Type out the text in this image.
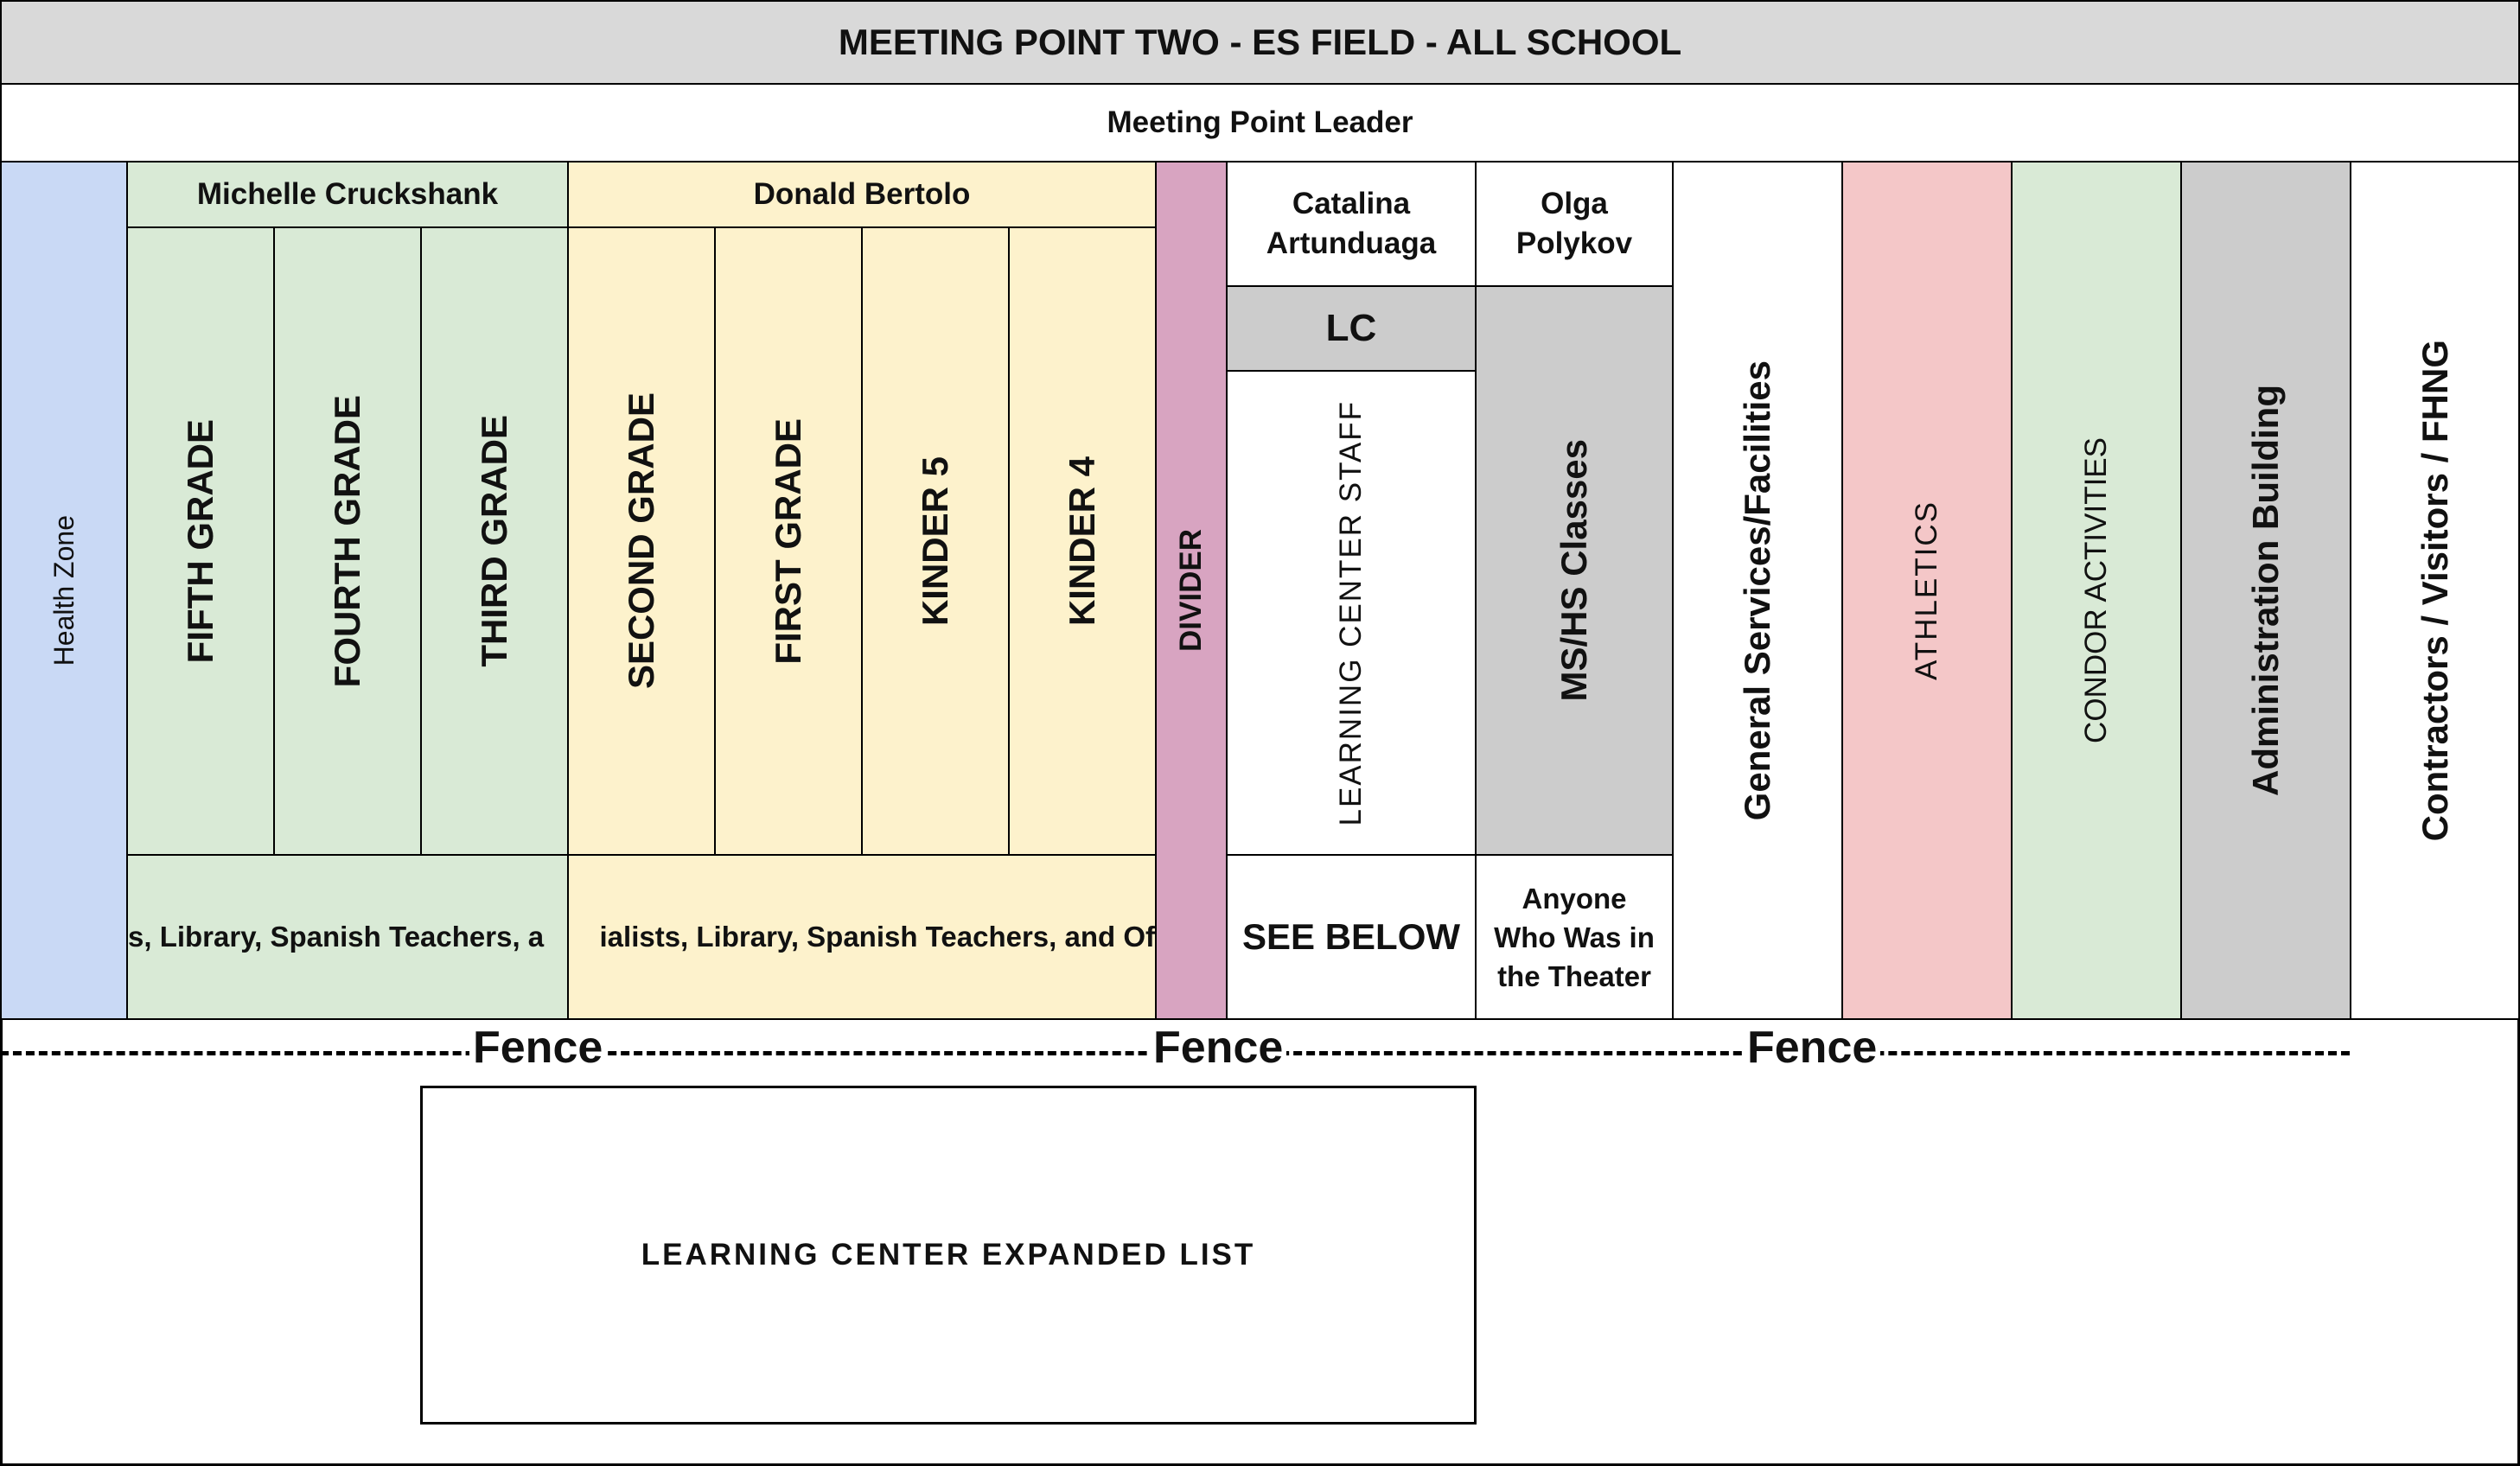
MEETING POINT TWO - ES FIELD - ALL SCHOOL
Meeting Point Leader
Health Zone
Michelle Cruckshank
FIFTH GRADE	FOURTH GRADE	THIRD GRADE
s, Library, Spanish Teachers, a
Donald Bertolo
SECOND GRADE	FIRST GRADE	KINDER 5	KINDER 4
ialists, Library, Spanish Teachers, and Of
DIVIDER
Catalina Artunduaga
LC
LEARNING CENTER STAFF
SEE BELOW
Olga Polykov
MS/HS Classes
Anyone Who Was in the Theater
General Services/Facilities	ATHLETICS	CONDOR ACTIVITIES	Administration Building	Contractors / Visitors / FHNG
Fence	Fence	Fence
LEARNING CENTER EXPANDED LIST
